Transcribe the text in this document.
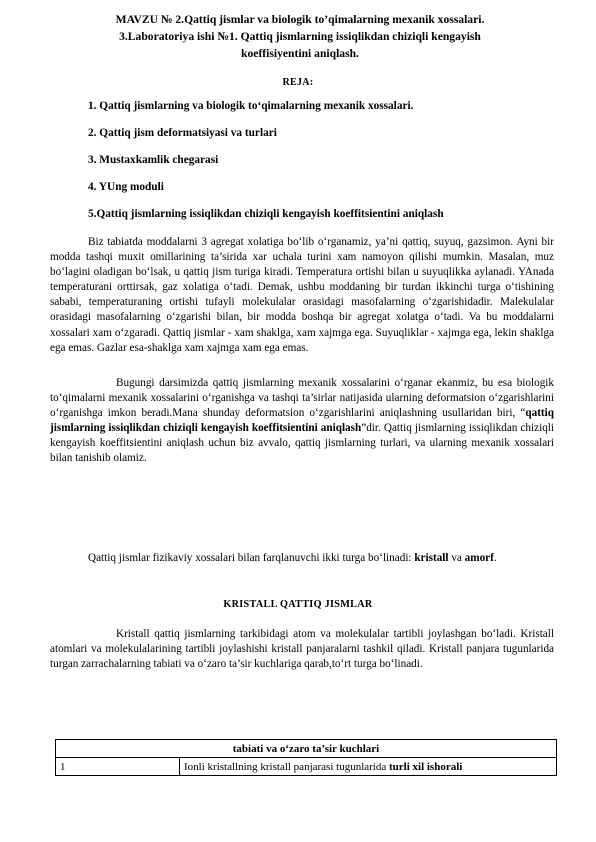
MAVZU № 2.Qattiq jismlar va biologik to’qimalarning mexanik xossalari.
3.Laboratoriya ishi №1. Qattiq jismlarning issiqlikdan chiziqli kengayish
koeffisiyentini aniqlash.
REJA:
1. Qattiq jismlarning va biologik to‘qimalarning mexanik xossalari.
2. Qattiq jism deformatsiyasi va turlari
3. Mustaxkamlik chegarasi
4. YUng moduli
5.Qattiq jismlarning issiqlikdan chiziqli kengayish koeffitsientini aniqlash

Biz tabiatda moddalarni 3 agregat xolatiga bo‘lib o‘rganamiz, ya’ni qattiq, suyuq, gazsimon. Ayni bir modda tashqi muxit omillarining ta’sirida xar uchala turini xam namoyon qilishi mumkin. Masalan, muz bo‘lagini oladigan bo‘lsak, u qattiq jism turiga kiradi. Temperatura ortishi bilan u suyuqlikka aylanadi. YAnada temperaturani orttirsak, gaz xolatiga o‘tadi. Demak, ushbu moddaning bir turdan ikkinchi turga o‘tishining sababi, temperaturaning ortishi tufayli molekulalar orasidagi masofalarning o‘zgarishidadir. Malekulalar orasidagi masofalarning o‘zgarishi bilan, bir modda boshqa bir agregat xolatga o‘tadi. Va bu moddalarni xossalari xam o‘zgaradi. Qattiq jismlar - xam shaklga, xam xajmga ega. Suyuqliklar - xajmga ega, lekin shaklga ega emas. Gazlar esa-shaklga xam xajmga xam ega emas.

Bugungi darsimizda qattiq jismlarning mexanik xossalarini o‘rganar ekanmiz, bu esa biologik to‘qimalarni mexanik xossalarini o‘rganishga va tashqi ta’sirlar natijasida ularning deformatsion o‘zgarishlarini o‘rganishga imkon beradi.Mana shunday deformatsion o‘zgarishlarini aniqlashning usullaridan biri, “qattiq jismlarning issiqlikdan chiziqli kengayish koeffitsientini aniqlash”dir. Qattiq jismlarning issiqlikdan chiziqli kengayish koeffitsientini aniqlash uchun biz avvalo, qattiq jismlarning turlari, va ularning mexanik xossalari bilan tanishib olamiz.

Qattiq jismlar fizikaviy xossalari bilan farqlanuvchi ikki turga bo‘linadi: kristall va amorf.

KRISTALL QATTIQ JISMLAR

Kristall qattiq jismlarning tarkibidagi atom va molekulalar tartibli joylashgan bo‘ladi. Kristall atomlari va molekulalarining tartibli joylashishi kristall panjaralarni tashkil qiladi. Kristall panjara tugunlarida turgan zarrachalarning tabiati va o‘zaro ta’sir kuchlariga qarab,to‘rt turga bo‘linadi.

tabiati va o‘zaro ta’sir kuchlari
1	Ionli kristallning kristall panjarasi tugunlarida turli xil ishorali
